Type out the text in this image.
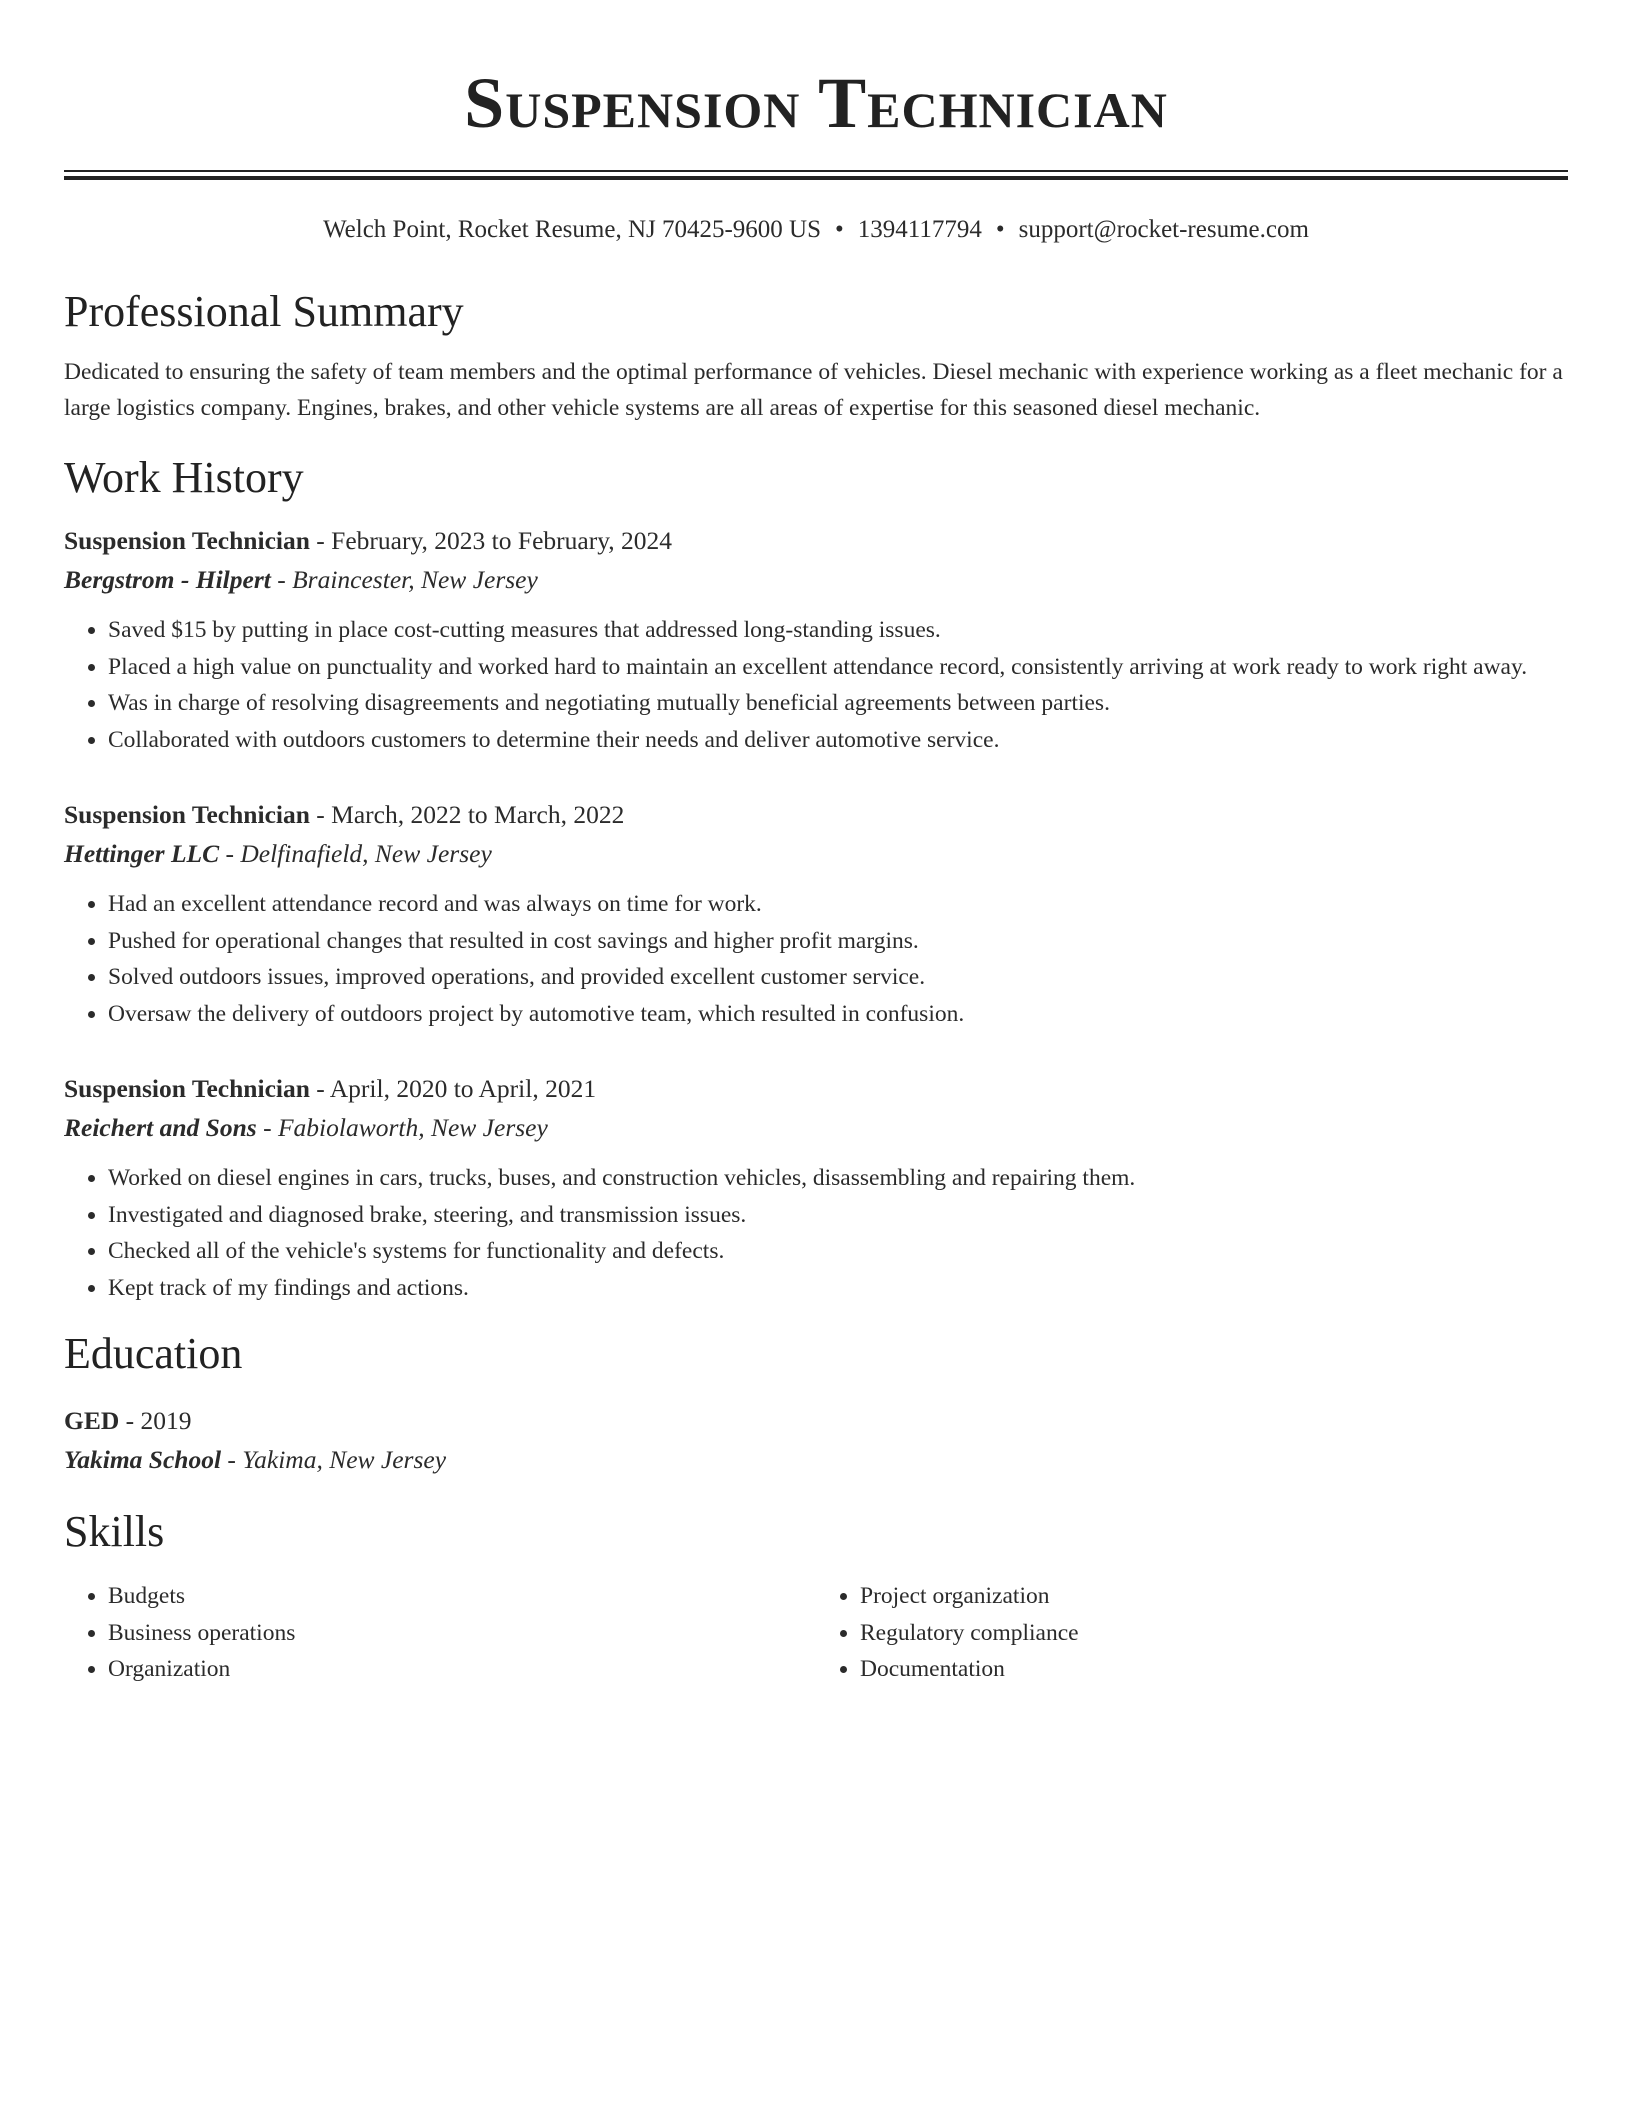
Suspension Technician
Welch Point, Rocket Resume, NJ 70425-9600 US • 1394117794 • support@rocket-resume.com
Professional Summary

Dedicated to ensuring the safety of team members and the optimal performance of vehicles. Diesel mechanic with experience working as a fleet mechanic for a large logistics company. Engines, brakes, and other vehicle systems are all areas of expertise for this seasoned diesel mechanic.

Work History
Suspension Technician - February, 2023 to February, 2024
Bergstrom - Hilpert - Braincester, New Jersey
• Saved $15 by putting in place cost-cutting measures that addressed long-standing issues.
• Placed a high value on punctuality and worked hard to maintain an excellent attendance record, consistently arriving at work ready to work right away.
• Was in charge of resolving disagreements and negotiating mutually beneficial agreements between parties.
• Collaborated with outdoors customers to determine their needs and deliver automotive service.
Suspension Technician - March, 2022 to March, 2022
Hettinger LLC - Delfinafield, New Jersey
• Had an excellent attendance record and was always on time for work.
• Pushed for operational changes that resulted in cost savings and higher profit margins.
• Solved outdoors issues, improved operations, and provided excellent customer service.
• Oversaw the delivery of outdoors project by automotive team, which resulted in confusion.
Suspension Technician - April, 2020 to April, 2021
Reichert and Sons - Fabiolaworth, New Jersey
• Worked on diesel engines in cars, trucks, buses, and construction vehicles, disassembling and repairing them.
• Investigated and diagnosed brake, steering, and transmission issues.
• Checked all of the vehicle's systems for functionality and defects.
• Kept track of my findings and actions.
Education
GED - 2019
Yakima School - Yakima, New Jersey
Skills
• Budgets
• Business operations
• Organization
• Project organization
• Regulatory compliance
• Documentation
